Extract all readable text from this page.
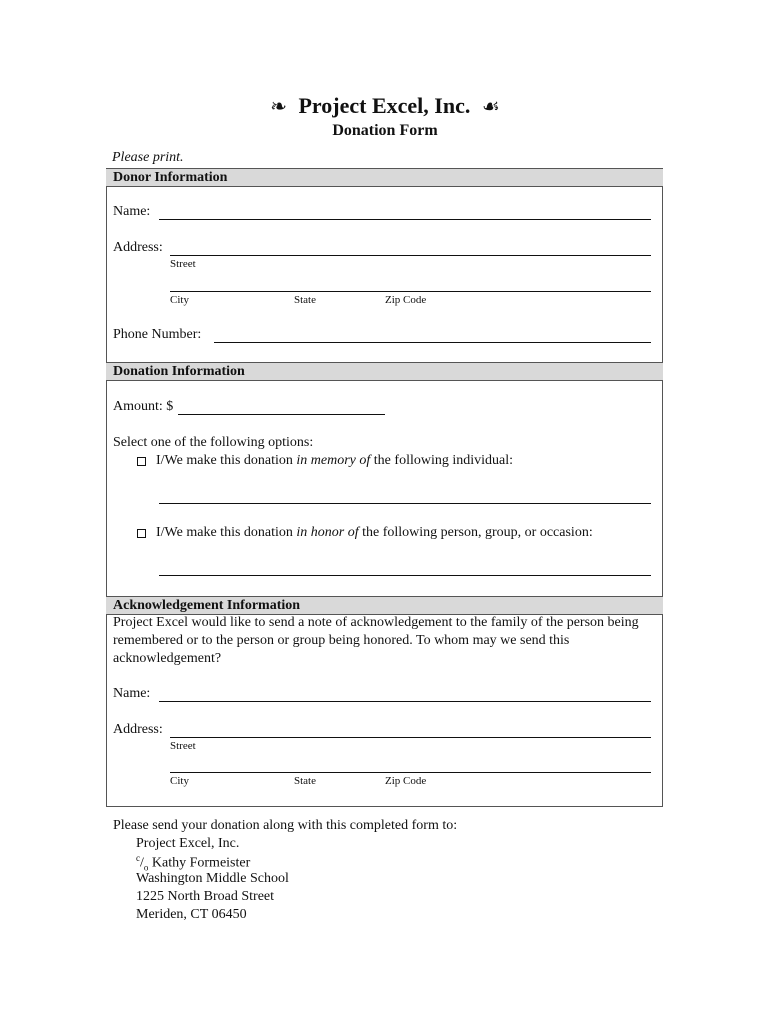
❧ Project Excel, Inc. ☙
Donation Form
Please print.
Donor Information
Name:
Address:
Street
City	State	Zip Code
Phone Number:
Donation Information
Amount: $
Select one of the following options:
I/We make this donation in memory of the following individual:
I/We make this donation in honor of the following person, group, or occasion:
Acknowledgement Information
Project Excel would like to send a note of acknowledgement to the family of the person being remembered or to the person or group being honored. To whom may we send this acknowledgement?
Name:
Address:
Street
City	State	Zip Code
Please send your donation along with this completed form to:
Project Excel, Inc.
$^c/_o$ Kathy Formeister
Washington Middle School
1225 North Broad Street
Meriden, CT 06450
